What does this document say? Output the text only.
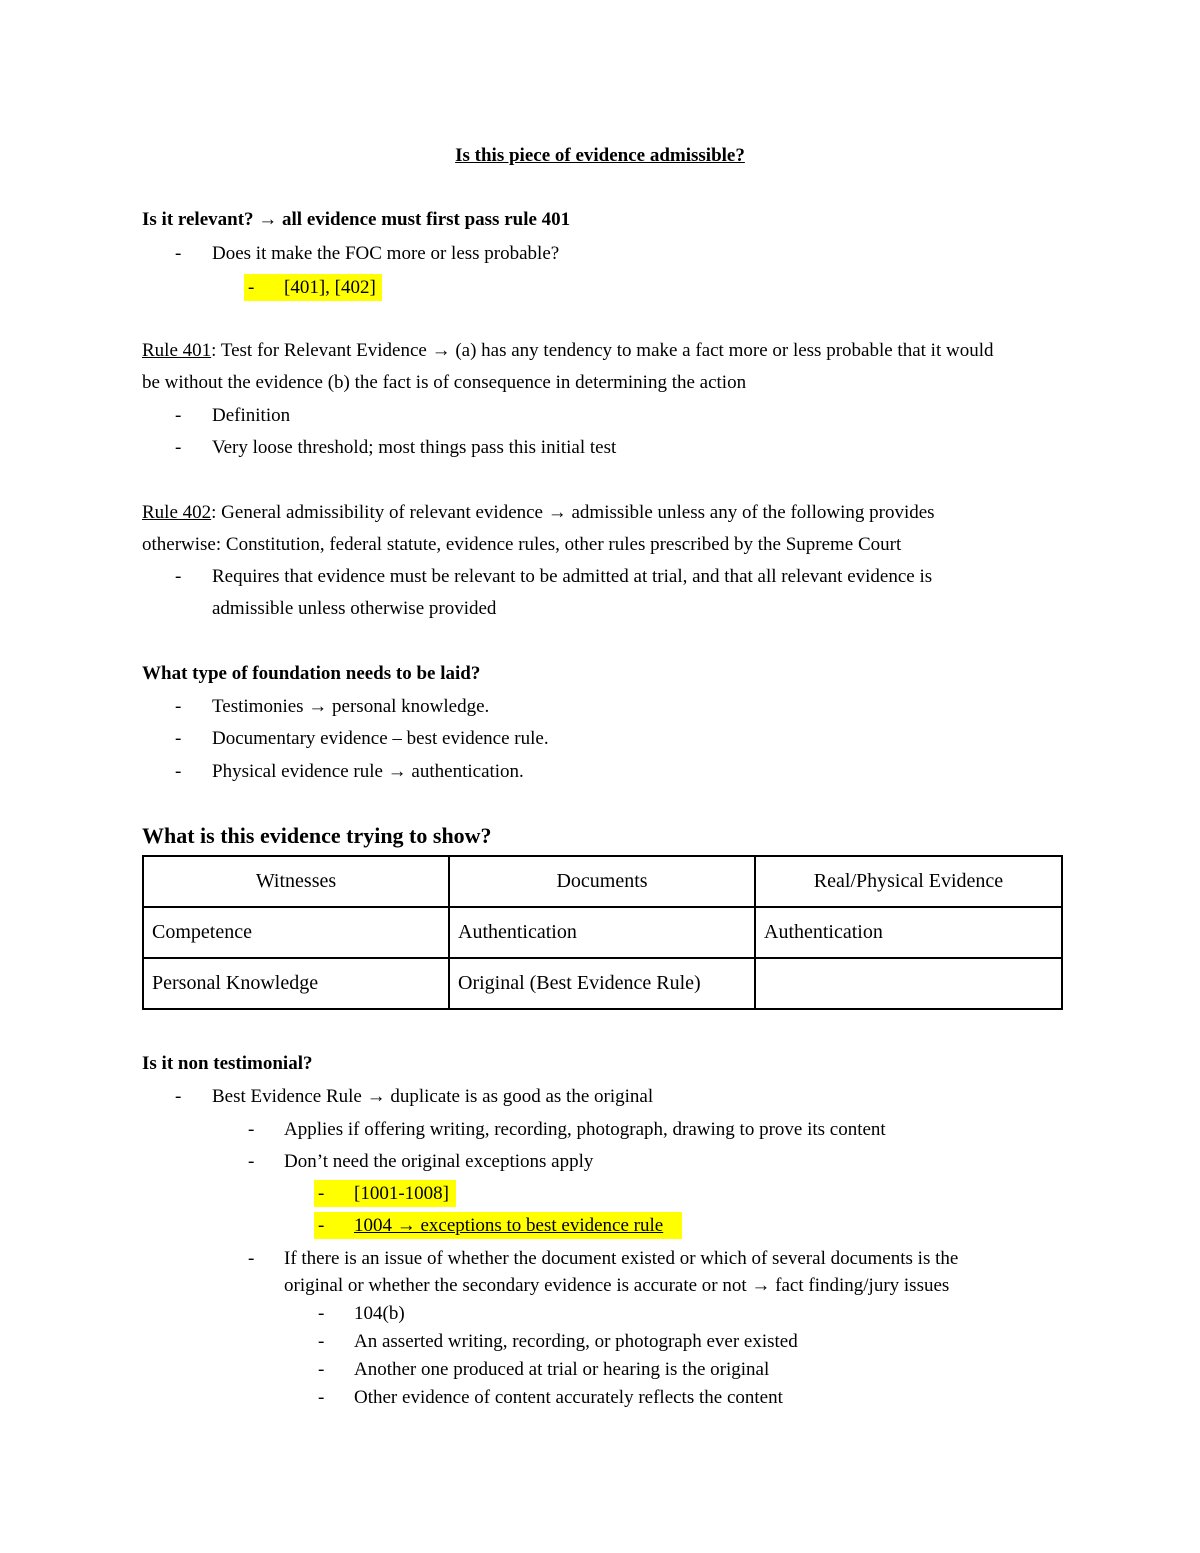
Is this piece of evidence admissible?
Is it relevant? → all evidence must first pass rule 401
- Does it make the FOC more or less probable?
- [401], [402]
Rule 401: Test for Relevant Evidence → (a) has any tendency to make a fact more or less probable that it would
be without the evidence (b) the fact is of consequence in determining the action
- Definition
- Very loose threshold; most things pass this initial test
Rule 402: General admissibility of relevant evidence → admissible unless any of the following provides
otherwise: Constitution, federal statute, evidence rules, other rules prescribed by the Supreme Court
- Requires that evidence must be relevant to be admitted at trial, and that all relevant evidence is
admissible unless otherwise provided
What type of foundation needs to be laid?
- Testimonies → personal knowledge.
- Documentary evidence – best evidence rule.
- Physical evidence rule → authentication.
What is this evidence trying to show?
Witnesses	Documents	Real/Physical Evidence
Competence	Authentication	Authentication
Personal Knowledge	Original (Best Evidence Rule)	
Is it non testimonial?
- Best Evidence Rule → duplicate is as good as the original
- Applies if offering writing, recording, photograph, drawing to prove its content
- Don’t need the original exceptions apply
- [1001-1008]
- 1004 → exceptions to best evidence rule
- If there is an issue of whether the document existed or which of several documents is the
original or whether the secondary evidence is accurate or not → fact finding/jury issues
- 104(b)
- An asserted writing, recording, or photograph ever existed
- Another one produced at trial or hearing is the original
- Other evidence of content accurately reflects the content
